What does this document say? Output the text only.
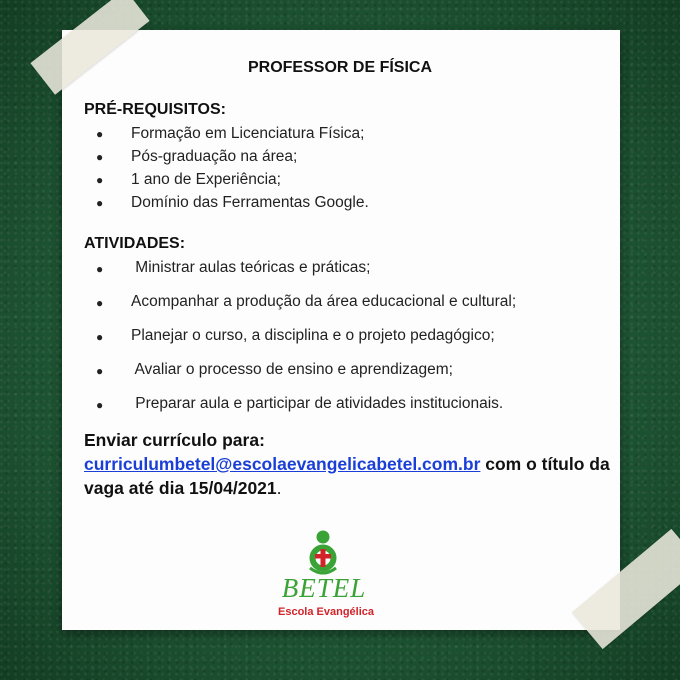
PROFESSOR DE FÍSICA
PRÉ-REQUISITOS:
● Formação em Licenciatura Física;
● Pós-graduação na área;
● 1 ano de Experiência;
● Domínio das Ferramentas Google.
ATIVIDADES:
● Ministrar aulas teóricas e práticas;
● Acompanhar a produção da área educacional e cultural;
● Planejar o curso, a disciplina e o projeto pedagógico;
● Avaliar o processo de ensino e aprendizagem;
● Preparar aula e participar de atividades institucionais.
Enviar currículo para:
curriculumbetel@escolaevangelicabetel.com.br com o título da vaga até dia 15/04/2021.
BETEL
Escola Evangélica
